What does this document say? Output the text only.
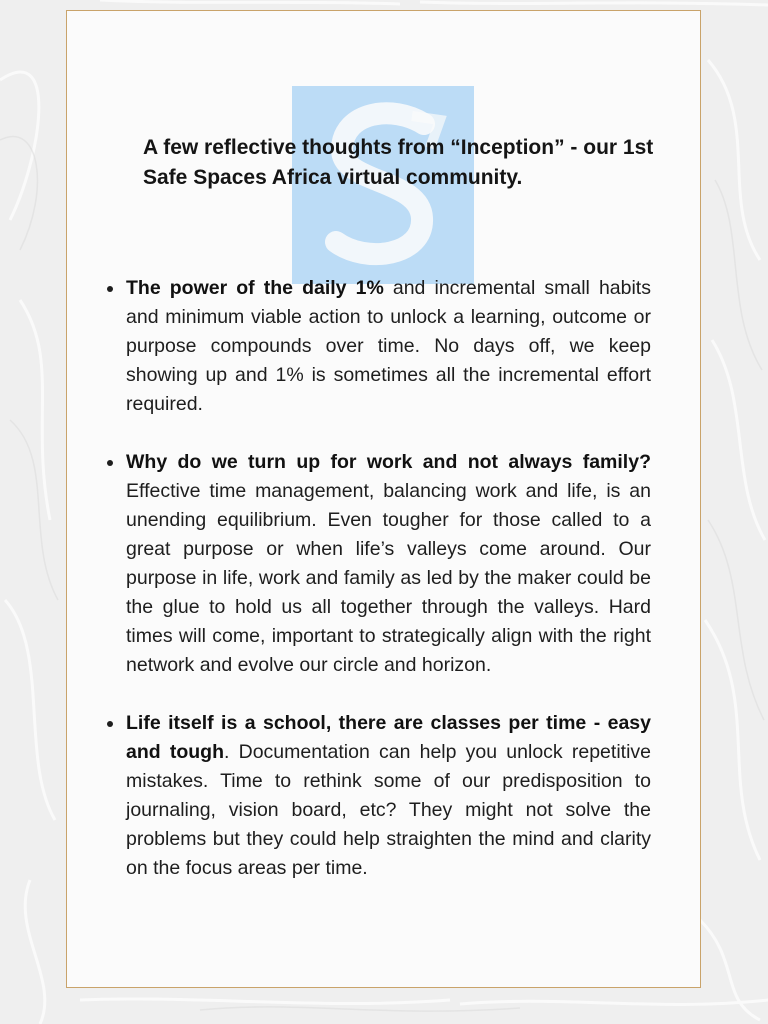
A few reflective thoughts from “Inception” - our 1st Safe Spaces Africa virtual community.
The power of the daily 1% and incremental small habits and minimum viable action to unlock a learning, outcome or purpose compounds over time. No days off, we keep showing up and 1% is sometimes all the incremental effort required.
Why do we turn up for work and not always family? Effective time management, balancing work and life, is an unending equilibrium. Even tougher for those called to a great purpose or when life’s valleys come around. Our purpose in life, work and family as led by the maker could be the glue to hold us all together through the valleys. Hard times will come, important to strategically align with the right network and evolve our circle and horizon.
Life itself is a school, there are classes per time - easy and tough. Documentation can help you unlock repetitive mistakes. Time to rethink some of our predisposition to journaling, vision board, etc? They might not solve the problems but they could help straighten the mind and clarity on the focus areas per time.
